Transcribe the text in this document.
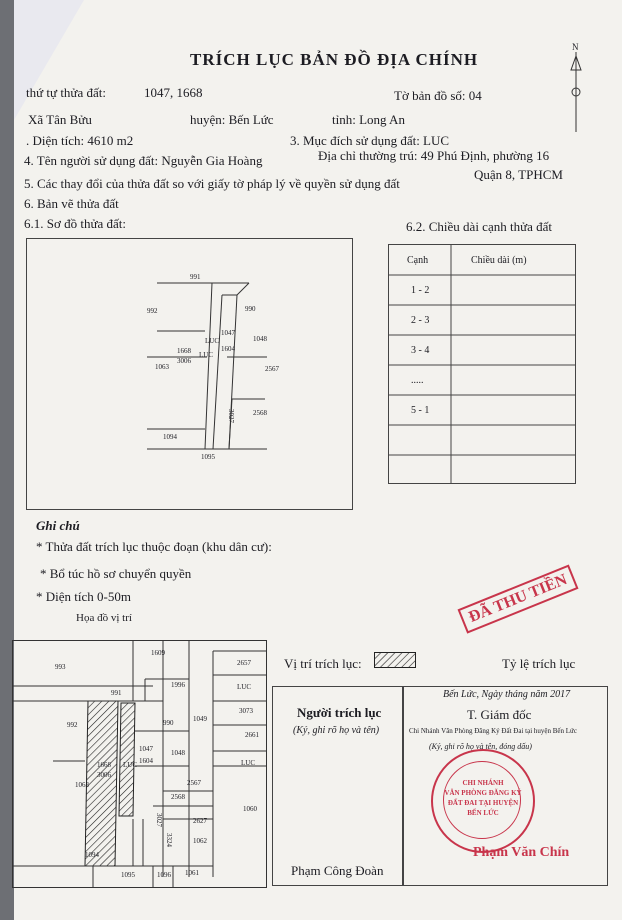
N
TRÍCH LỤC BẢN ĐỒ ĐỊA CHÍNH
thứ tự thửa đất:	1047, 1668	Tờ bản đồ số: 04
Xã Tân Bửu	huyện: Bến Lức	tỉnh: Long An
. Diện tích: 4610 m2	3. Mục đích sử dụng đất: LUC
4. Tên người sử dụng đất: Nguyễn Gia Hoàng	Địa chỉ thường trú: 49 Phú Định, phường 16
Quận 8, TPHCM
5. Các thay đổi của thửa đất so với giấy tờ pháp lý về quyền sử dụng đất
6. Bản vẽ thửa đất
6.1. Sơ đồ thửa đất:	6.2. Chiều dài cạnh thửa đất
991
992	990
LUC
1047
1048
1668 LUC
1604
3006
1063	2567
2568
3027
1094
1095
Cạnh	Chiều dài (m)
1 - 2
2 - 3
3 - 4
.....
5 - 1
Ghi chú
* Thửa đất trích lục thuộc đoạn (khu dân cư):
* Bổ túc hồ sơ chuyển quyền
* Diện tích 0-50m
Họa đồ vị trí	ĐÃ THU TIỀN
993
1609
2657
1996
991
LUC
3073
992	990	1049
2661
1047	1048
LUC
1604
1668 LUC
3006
1063	2567
2568
1060
2627
3027
3324	1062
1094
1095	1096 1061
Vị trí trích lục:	Tỷ lệ trích lục
Người trích lục
(Ký, ghi rõ họ và tên)
Phạm Công Đoàn
Bến Lức, Ngày tháng năm 2017
T. Giám đốc
Chi Nhánh Văn Phòng Đăng Ký Đất Đai tại huyện Bến Lức
(Ký, ghi rõ họ và tên, đóng dấu)
CHI NHÁNH
VĂN PHÒNG ĐĂNG KÝ
ĐẤT ĐAI TẠI HUYỆN
BẾN LỨC
Phạm Văn Chín
